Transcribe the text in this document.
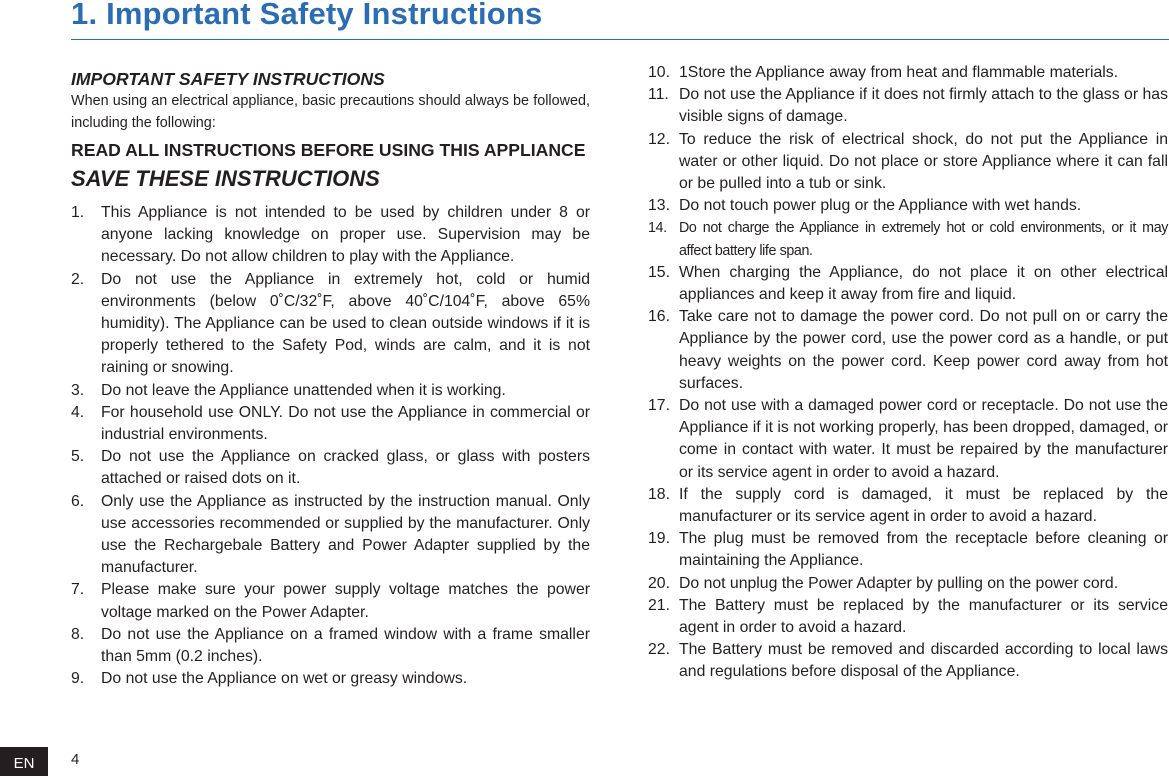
1. Important Safety Instructions
IMPORTANT SAFETY INSTRUCTIONS

When using an electrical appliance, basic precautions should always be followed, including the following:

READ ALL INSTRUCTIONS BEFORE USING THIS APPLIANCE
SAVE THESE INSTRUCTIONS
1. This Appliance is not intended to be used by children under 8 or anyone lacking knowledge on proper use. Supervision may be necessary. Do not allow children to play with the Appliance.
2. Do not use the Appliance in extremely hot, cold or humid environments (below 0˚C/32˚F, above 40˚C/104˚F, above 65% humidity). The Appliance can be used to clean outside windows if it is properly tethered to the Safety Pod, winds are calm, and it is not raining or snowing.
3. Do not leave the Appliance unattended when it is working.
4. For household use ONLY. Do not use the Appliance in commercial or industrial environments.
5. Do not use the Appliance on cracked glass, or glass with posters attached or raised dots on it.
6. Only use the Appliance as instructed by the instruction manual. Only use accessories recommended or supplied by the manufacturer. Only use the Rechargebale Battery and Power Adapter supplied by the manufacturer.
7. Please make sure your power supply voltage matches the power voltage marked on the Power Adapter.
8. Do not use the Appliance on a framed window with a frame smaller than 5mm (0.2 inches).
9. Do not use the Appliance on wet or greasy windows.
10. 1Store the Appliance away from heat and flammable materials.
11. Do not use the Appliance if it does not firmly attach to the glass or has visible signs of damage.
12. To reduce the risk of electrical shock, do not put the Appliance in water or other liquid. Do not place or store Appliance where it can fall or be pulled into a tub or sink.
13. Do not touch power plug or the Appliance with wet hands.
14. Do not charge the Appliance in extremely hot or cold environments, or it may affect battery life span.
15. When charging the Appliance, do not place it on other electrical appliances and keep it away from fire and liquid.
16. Take care not to damage the power cord. Do not pull on or carry the Appliance by the power cord, use the power cord as a handle, or put heavy weights on the power cord. Keep power cord away from hot surfaces.
17. Do not use with a damaged power cord or receptacle. Do not use the Appliance if it is not working properly, has been dropped, damaged, or come in contact with water. It must be repaired by the manufacturer or its service agent in order to avoid a hazard.
18. If the supply cord is damaged, it must be replaced by the manufacturer or its service agent in order to avoid a hazard.
19. The plug must be removed from the receptacle before cleaning or maintaining the Appliance.
20. Do not unplug the Power Adapter by pulling on the power cord.
21. The Battery must be replaced by the manufacturer or its service agent in order to avoid a hazard.
22. The Battery must be removed and discarded according to local laws and regulations before disposal of the Appliance.
EN	4
